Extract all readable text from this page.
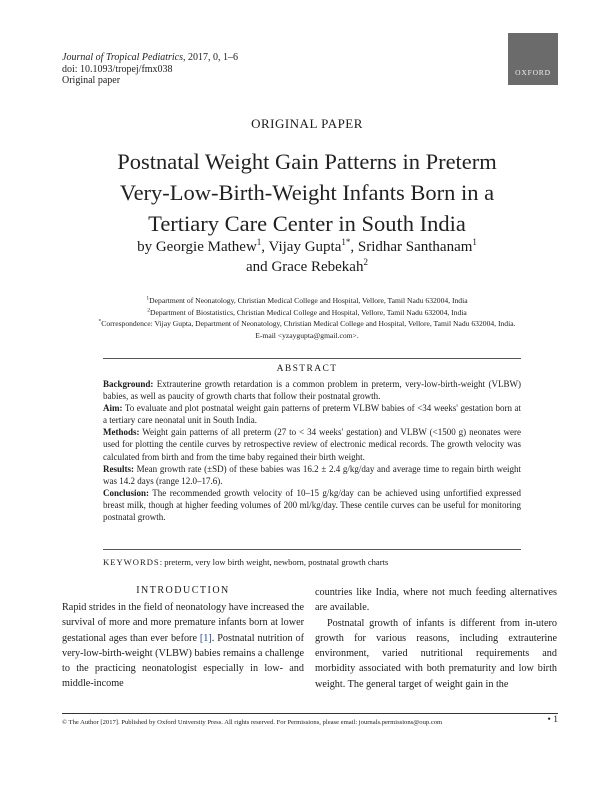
Journal of Tropical Pediatrics, 2017, 0, 1–6
doi: 10.1093/tropej/fmx038
Original paper
OXFORD
ORIGINAL PAPER
Postnatal Weight Gain Patterns in Preterm
Very-Low-Birth-Weight Infants Born in a
Tertiary Care Center in South India
by Georgie Mathew$^1$, Vijay Gupta$^{1*}$, Sridhar Santhanam$^1$
and Grace Rebekah$^2$
$^1$Department of Neonatology, Christian Medical College and Hospital, Vellore, Tamil Nadu 632004, India
$^2$Department of Biostatistics, Christian Medical College and Hospital, Vellore, Tamil Nadu 632004, India
*Correspondence: Vijay Gupta, Department of Neonatology, Christian Medical College and Hospital, Vellore, Tamil Nadu 632004, India.
E-mail <yzaygupta@gmail.com>.
ABSTRACT
Background: Extrauterine growth retardation is a common problem in preterm, very-low-birth-weight (VLBW) babies, as well as paucity of growth charts that follow their postnatal growth.
Aim: To evaluate and plot postnatal weight gain patterns of preterm VLBW babies of <34 weeks' gestation born at a tertiary care neonatal unit in South India.
Methods: Weight gain patterns of all preterm (27 to < 34 weeks' gestation) and VLBW (<1500 g) neonates were used for plotting the centile curves by retrospective review of electronic medical records. The growth velocity was calculated from birth and from the time baby regained their birth weight.
Results: Mean growth rate (±SD) of these babies was 16.2 ± 2.4 g/kg/day and average time to regain birth weight was 14.2 days (range 12.0–17.6).
Conclusion: The recommended growth velocity of 10–15 g/kg/day can be achieved using unfortified expressed breast milk, though at higher feeding volumes of 200 ml/kg/day. These centile curves can be useful for monitoring postnatal growth.
KEYWORDS: preterm, very low birth weight, newborn, postnatal growth charts
INTRODUCTION

Rapid strides in the field of neonatology have increased the survival of more and more premature infants born at lower gestational ages than ever before [1]. Postnatal nutrition of very-low-birth-weight (VLBW) babies remains a challenge to the practicing neonatologist especially in low- and middle-income

countries like India, where not much feeding alternatives are available.

Postnatal growth of infants is different from in-utero growth for various reasons, including extrauterine environment, varied nutritional requirements and morbidity associated with both prematurity and low birth weight. The general target of weight gain in the

© The Author [2017]. Published by Oxford University Press. All rights reserved. For Permissions, please email: journals.permissions@oup.com	• 1
